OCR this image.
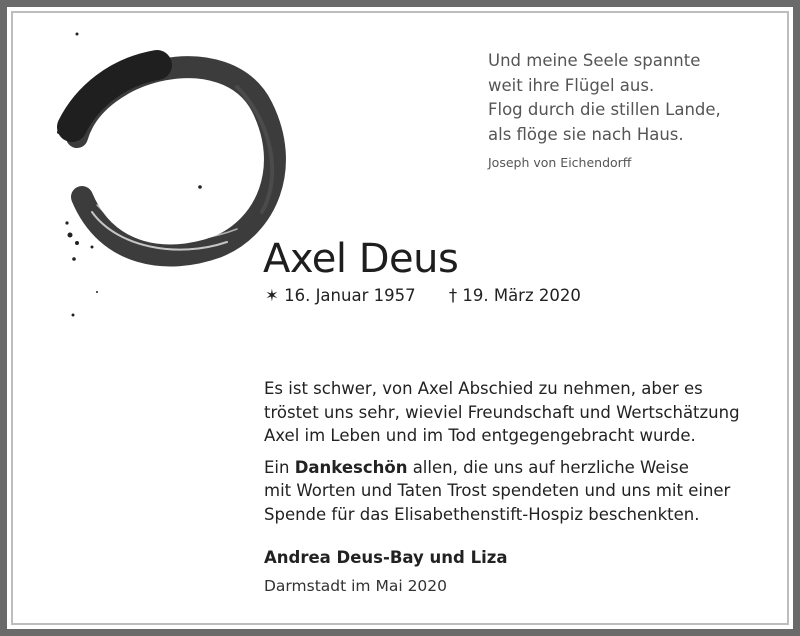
Und meine Seele spannte
weit ihre Flügel aus.
Flog durch die stillen Lande,
als flöge sie nach Haus.
Joseph von Eichendorff
Axel Deus
✶ 16. Januar 1957 † 19. März 2020

Es ist schwer, von Axel Abschied zu nehmen, aber es
tröstet uns sehr, wieviel Freundschaft und Wertschätzung
Axel im Leben und im Tod entgegengebracht wurde.

Ein Dankeschön allen, die uns auf herzliche Weise
mit Worten und Taten Trost spendeten und uns mit einer
Spende für das Elisabethenstift-Hospiz beschenkten.

Andrea Deus-Bay und Liza
Darmstadt im Mai 2020
